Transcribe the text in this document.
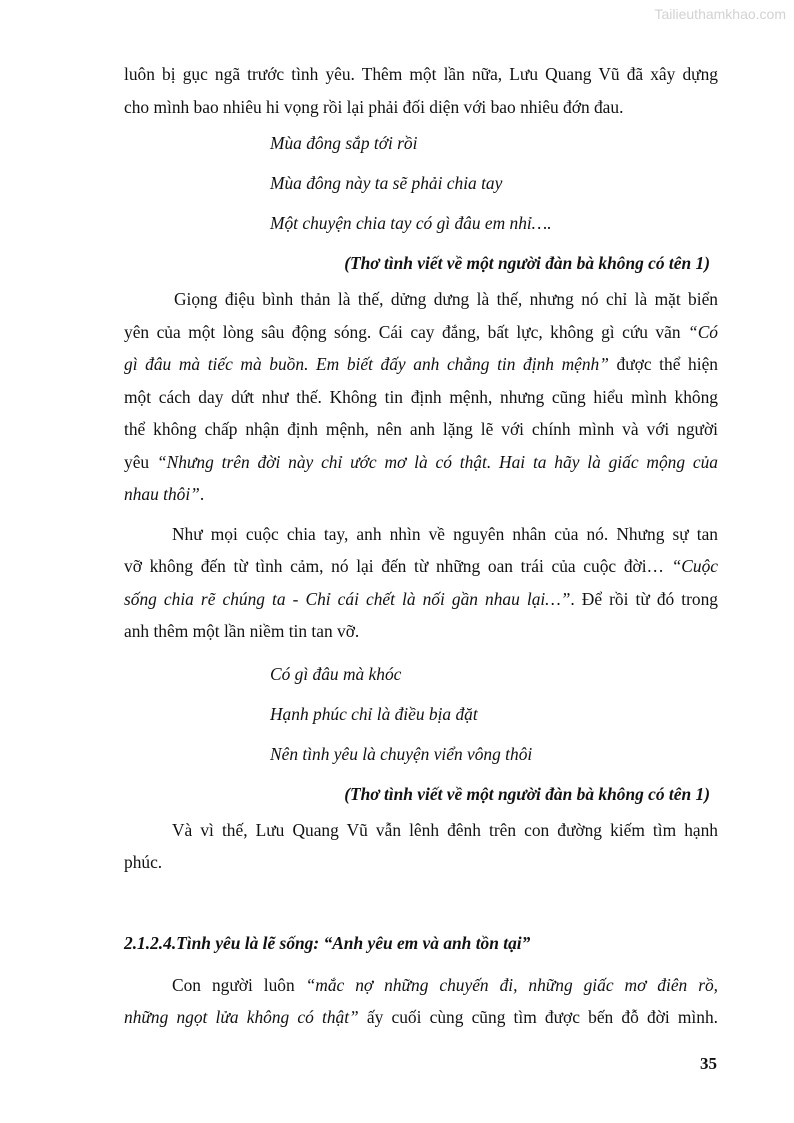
Tailieuthamkhao.com
luôn bị gục ngã trước tình yêu. Thêm một lần nữa, Lưu Quang Vũ đã xây dựng
cho mình bao nhiêu hi vọng rồi lại phải đối diện với bao nhiêu đớn đau.

Mùa đông sắp tới rồi

Mùa đông này ta sẽ phải chia tay

Một chuyện chia tay có gì đâu em nhỉ….

(Thơ tình viết về một người đàn bà không có tên 1)

Giọng điệu bình thản là thế, dửng dưng là thế, nhưng nó chỉ là mặt biển
yên của một lòng sâu động sóng. Cái cay đắng, bất lực, không gì cứu vãn “Có
gì đâu mà tiếc mà buồn. Em biết đấy anh chẳng tin định mệnh” được thể hiện
một cách day dứt như thế. Không tin định mệnh, nhưng cũng hiểu mình không
thể không chấp nhận định mệnh, nên anh lặng lẽ với chính mình và với người
yêu “Nhưng trên đời này chỉ ước mơ là có thật. Hai ta hãy là giấc mộng của
nhau thôi”.
Như mọi cuộc chia tay, anh nhìn về nguyên nhân của nó. Nhưng sự tan
vỡ không đến từ tình cảm, nó lại đến từ những oan trái của cuộc đời… “Cuộc
sống chia rẽ chúng ta - Chỉ cái chết là nối gần nhau lại…”. Để rồi từ đó trong
anh thêm một lần niềm tin tan vỡ.

Có gì đâu mà khóc

Hạnh phúc chỉ là điều bịa đặt

Nên tình yêu là chuyện viển vông thôi

(Thơ tình viết về một người đàn bà không có tên 1)

Và vì thế, Lưu Quang Vũ vẫn lênh đênh trên con đường kiếm tìm hạnh
phúc.

2.1.2.4.Tình yêu là lẽ sống: “Anh yêu em và anh tồn tại”

Con người luôn “mắc nợ những chuyến đi, những giấc mơ điên rồ,
những ngọt lửa không có thật” ấy cuối cùng cũng tìm được bến đỗ đời mình.
35
